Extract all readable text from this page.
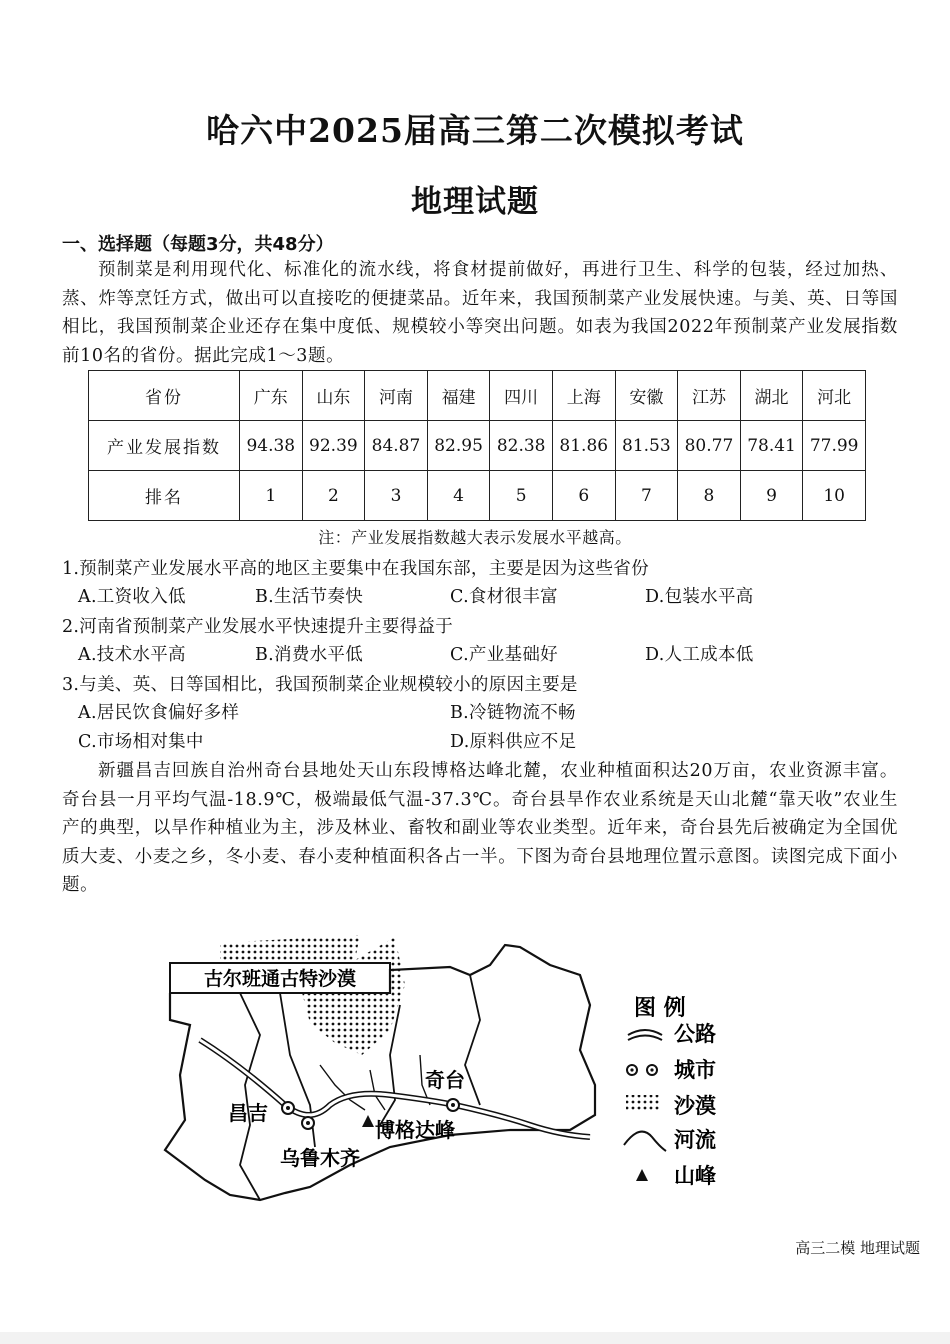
哈六中2025届高三第二次模拟考试
地理试题
一、选择题（每题3分，共48分）
预制菜是利用现代化、标准化的流水线，将食材提前做好，再进行卫生、科学的包装，经过加热、蒸、炸等烹饪方式，做出可以直接吃的便捷菜品。近年来，我国预制菜产业发展快速。与美、英、日等国相比，我国预制菜企业还存在集中度低、规模较小等突出问题。如表为我国2022年预制菜产业发展指数前10名的省份。据此完成1～3题。
省份	广东	山东	河南	福建	四川	上海	安徽	江苏	湖北	河北
产业发展指数	94.38	92.39	84.87	82.95	82.38	81.86	81.53	80.77	78.41	77.99
排名	1	2	3	4	5	6	7	8	9	10
注：产业发展指数越大表示发展水平越高。
1.预制菜产业发展水平高的地区主要集中在我国东部，主要是因为这些省份
A.工资收入低	B.生活节奏快	C.食材很丰富	D.包装水平高
2.河南省预制菜产业发展水平快速提升主要得益于
A.技术水平高	B.消费水平低	C.产业基础好	D.人工成本低
3.与美、英、日等国相比，我国预制菜企业规模较小的原因主要是
A.居民饮食偏好多样	B.冷链物流不畅
C.市场相对集中	D.原料供应不足
新疆昌吉回族自治州奇台县地处天山东段博格达峰北麓，农业种植面积达20万亩，农业资源丰富。奇台县一月平均气温-18.9℃，极端最低气温-37.3℃。奇台县旱作农业系统是天山北麓“靠天收”农业生产的典型，以旱作种植业为主，涉及林业、畜牧和副业等农业类型。近年来，奇台县先后被确定为全国优质大麦、小麦之乡，冬小麦、春小麦种植面积各占一半。下图为奇台县地理位置示意图。读图完成下面小题。
古尔班通古特沙漠
昌吉
乌鲁木齐
奇台
博格达峰
图 例
公路
城市
沙漠
河流
山峰
高三二模 地理试题
